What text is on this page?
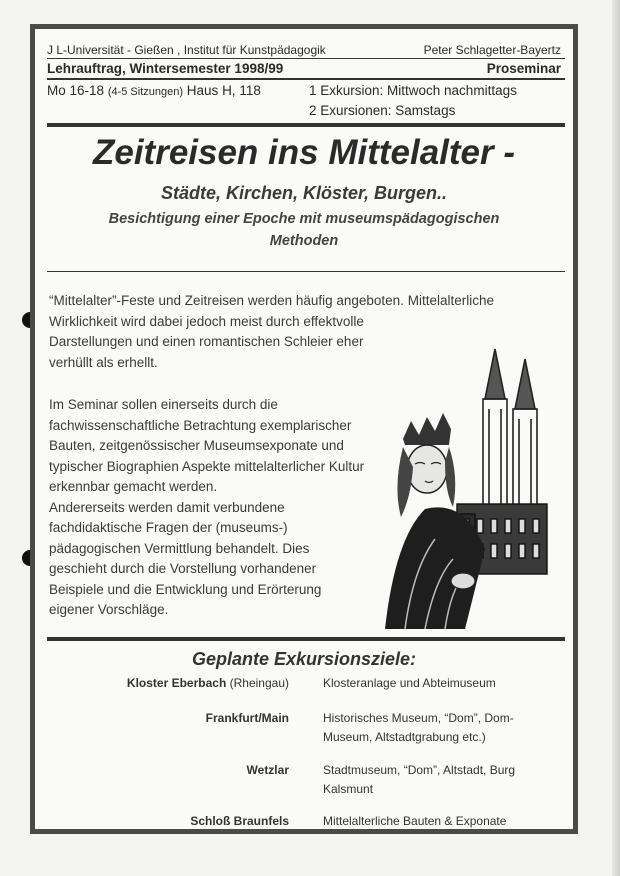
J L-Universität - Gießen , Institut für Kunstpädagogik	Peter Schlagetter-Bayertz
Lehrauftrag, Wintersemester 1998/99	Proseminar
Mo 16-18 (4-5 Sitzungen) Haus H, 118	1 Exkursion: Mittwoch nachmittags
2 Exursionen: Samstags
Zeitreisen ins Mittelalter -
Städte, Kirchen, Klöster, Burgen..
Besichtigung einer Epoche mit museumspädagogischen
Methoden
“Mittelalter”-Feste und Zeitreisen werden häufig angeboten. Mittelalterliche
Wirklichkeit wird dabei jedoch meist durch effektvolle
Darstellungen und einen romantischen Schleier eher
verhüllt als erhellt.
Im Seminar sollen einerseits durch die
fachwissenschaftliche Betrachtung exemplarischer
Bauten, zeitgenössischer Museumsexponate und
typischer Biographien Aspekte mittelalterlicher Kultur
erkennbar gemacht werden.
Andererseits werden damit verbundene
fachdidaktische Fragen der (museums-)
pädagogischen Vermittlung behandelt. Dies
geschieht durch die Vorstellung vorhandener
Beispiele und die Entwicklung und Erörterung
eigener Vorschläge.
Geplante Exkursionsziele:
Kloster Eberbach (Rheingau)	Klosteranlage und Abteimuseum
Frankfurt/Main	Historisches Museum, “Dom”, Dom-
Museum, Altstadtgrabung etc.)
Wetzlar	Stadtmuseum, “Dom”, Altstadt, Burg
Kalsmunt
Schloß Braunfels	Mittelalterliche Bauten & Exponate
